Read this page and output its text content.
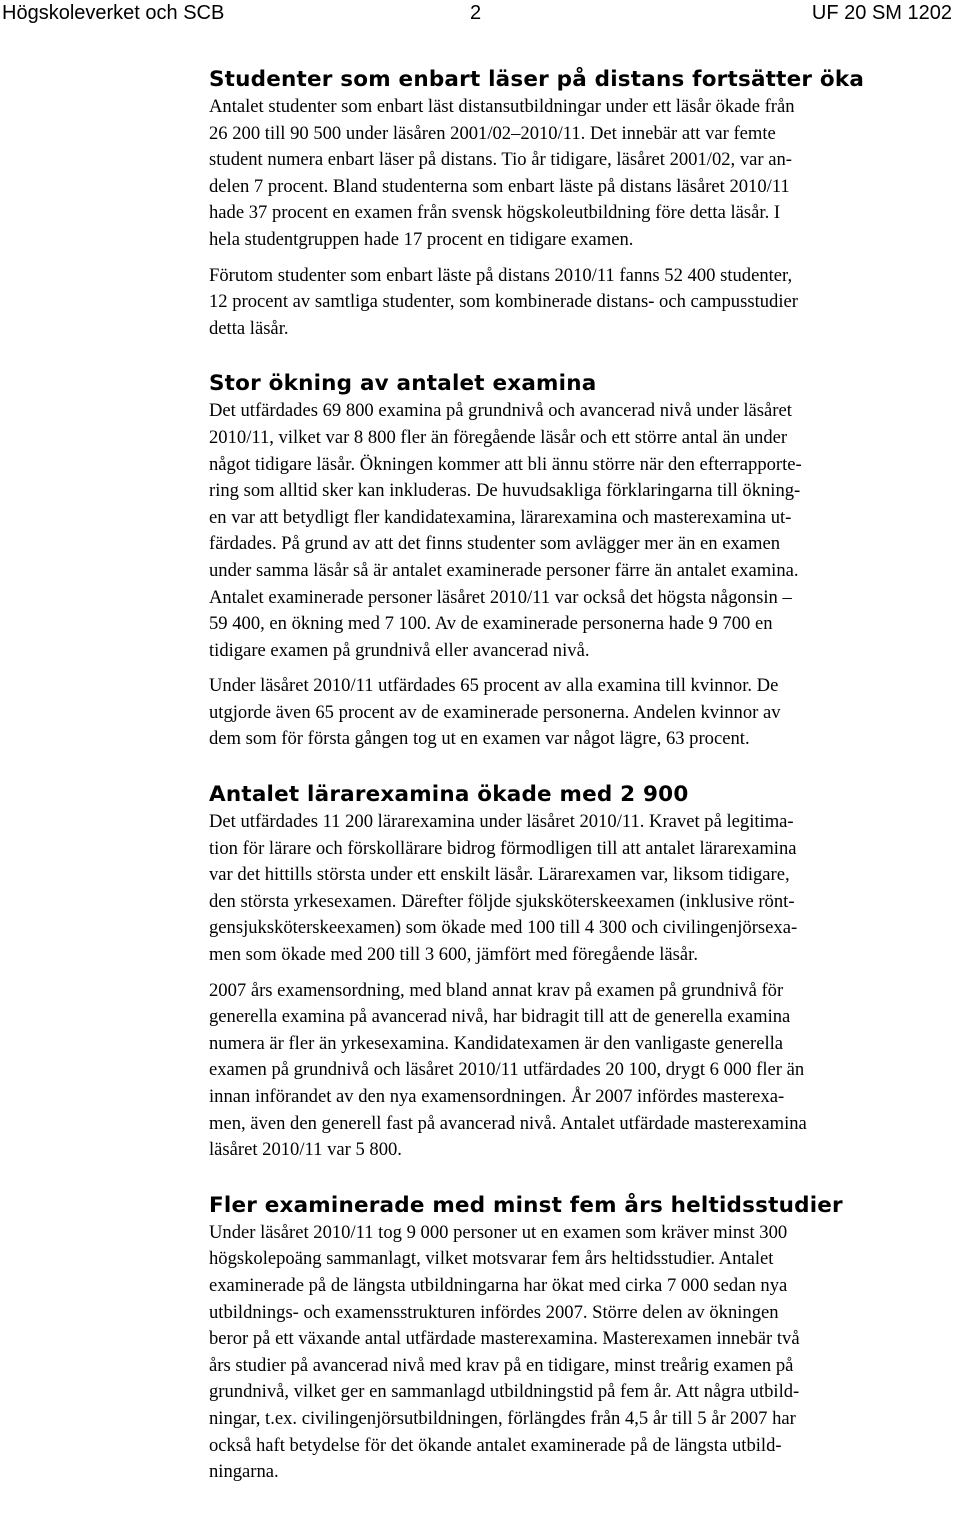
Högskoleverket och SCB	2	UF 20 SM 1202
Studenter som enbart läser på distans fortsätter öka

Antalet studenter som enbart läst distansutbildningar under ett läsår ökade från
26 200 till 90 500 under läsåren 2001/02–2010/11. Det innebär att var femte
student numera enbart läser på distans. Tio år tidigare, läsåret 2001/02, var an-
delen 7 procent. Bland studenterna som enbart läste på distans läsåret 2010/11
hade 37 procent en examen från svensk högskoleutbildning före detta läsår. I
hela studentgruppen hade 17 procent en tidigare examen.

Förutom studenter som enbart läste på distans 2010/11 fanns 52 400 studenter,
12 procent av samtliga studenter, som kombinerade distans- och campusstudier
detta läsår.

Stor ökning av antalet examina

Det utfärdades 69 800 examina på grundnivå och avancerad nivå under läsåret
2010/11, vilket var 8 800 fler än föregående läsår och ett större antal än under
något tidigare läsår. Ökningen kommer att bli ännu större när den efterrapporte-
ring som alltid sker kan inkluderas. De huvudsakliga förklaringarna till ökning-
en var att betydligt fler kandidatexamina, lärarexamina och masterexamina ut-
färdades. På grund av att det finns studenter som avlägger mer än en examen
under samma läsår så är antalet examinerade personer färre än antalet examina.
Antalet examinerade personer läsåret 2010/11 var också det högsta någonsin –
59 400, en ökning med 7 100. Av de examinerade personerna hade 9 700 en
tidigare examen på grundnivå eller avancerad nivå.

Under läsåret 2010/11 utfärdades 65 procent av alla examina till kvinnor. De
utgjorde även 65 procent av de examinerade personerna. Andelen kvinnor av
dem som för första gången tog ut en examen var något lägre, 63 procent.

Antalet lärarexamina ökade med 2 900

Det utfärdades 11 200 lärarexamina under läsåret 2010/11. Kravet på legitima-
tion för lärare och förskollärare bidrog förmodligen till att antalet lärarexamina
var det hittills största under ett enskilt läsår. Lärarexamen var, liksom tidigare,
den största yrkesexamen. Därefter följde sjuksköterskeexamen (inklusive rönt-
gensjuksköterskeexamen) som ökade med 100 till 4 300 och civilingenjörsexa-
men som ökade med 200 till 3 600, jämfört med föregående läsår.

2007 års examensordning, med bland annat krav på examen på grundnivå för
generella examina på avancerad nivå, har bidragit till att de generella examina
numera är fler än yrkesexamina. Kandidatexamen är den vanligaste generella
examen på grundnivå och läsåret 2010/11 utfärdades 20 100, drygt 6 000 fler än
innan införandet av den nya examensordningen. År 2007 infördes masterexa-
men, även den generell fast på avancerad nivå. Antalet utfärdade masterexamina
läsåret 2010/11 var 5 800.

Fler examinerade med minst fem års heltidsstudier

Under läsåret 2010/11 tog 9 000 personer ut en examen som kräver minst 300
högskolepoäng sammanlagt, vilket motsvarar fem års heltidsstudier. Antalet
examinerade på de längsta utbildningarna har ökat med cirka 7 000 sedan nya
utbildnings- och examensstrukturen infördes 2007. Större delen av ökningen
beror på ett växande antal utfärdade masterexamina. Masterexamen innebär två
års studier på avancerad nivå med krav på en tidigare, minst treårig examen på
grundnivå, vilket ger en sammanlagd utbildningstid på fem år. Att några utbild-
ningar, t.ex. civilingenjörsutbildningen, förlängdes från 4,5 år till 5 år 2007 har
också haft betydelse för det ökande antalet examinerade på de längsta utbild-
ningarna.
